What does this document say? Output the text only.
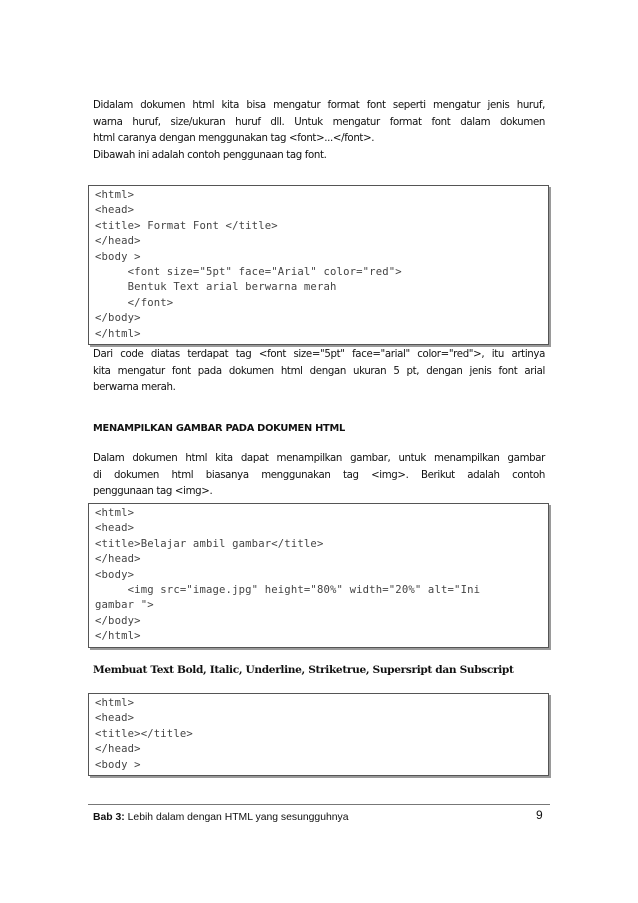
Didalam dokumen html kita bisa mengatur format font seperti mengatur jenis huruf,
warna huruf, size/ukuran huruf dll. Untuk mengatur format font dalam dokumen
html caranya dengan menggunakan tag <font>...</font>.
Dibawah ini adalah contoh penggunaan tag font.
<html>
<head>
<title> Format Font </title>
</head>
<body >
<font size="5pt" face="Arial" color="red">
Bentuk Text arial berwarna merah
</font>
</body>
</html>
Dari code diatas terdapat tag <font size="5pt" face="arial" color="red">, itu artinya
kita mengatur font pada dokumen html dengan ukuran 5 pt, dengan jenis font arial
berwarna merah.
MENAMPILKAN GAMBAR PADA DOKUMEN HTML
Dalam dokumen html kita dapat menampilkan gambar, untuk menampilkan gambar
di dokumen html biasanya menggunakan tag <img>. Berikut adalah contoh
penggunaan tag <img>.
<html>
<head>
<title>Belajar ambil gambar</title>
</head>
<body>
<img src="image.jpg" height="80%" width="20%" alt="Ini
gambar ">
</body>
</html>
Membuat Text Bold, Italic, Underline, Striketrue, Supersript dan Subscript
<html>
<head>
<title></title>
</head>
<body >
Bab 3: Lebih dalam dengan HTML yang sesungguhnya	9
